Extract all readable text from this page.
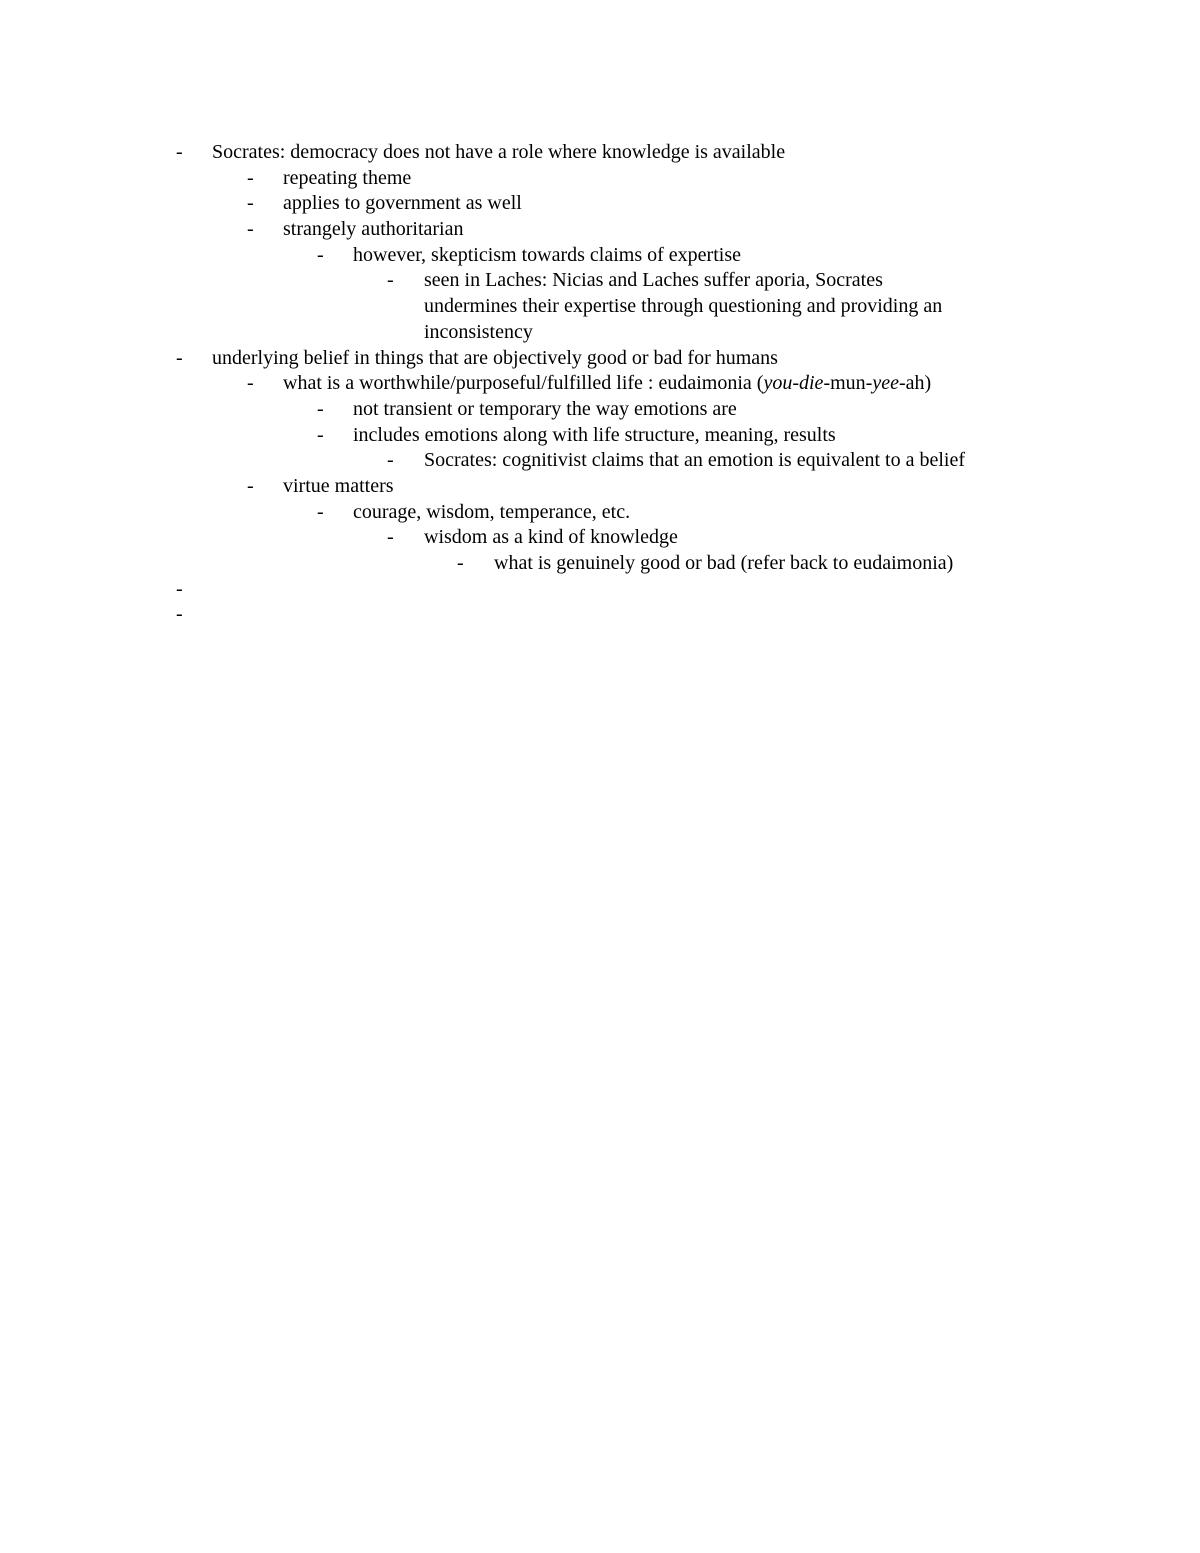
- Socrates: democracy does not have a role where knowledge is available
- repeating theme
- applies to government as well
- strangely authoritarian
- however, skepticism towards claims of expertise
- seen in Laches: Nicias and Laches suffer aporia, Socrates
undermines their expertise through questioning and providing an
inconsistency
- underlying belief in things that are objectively good or bad for humans
- what is a worthwhile/purposeful/fulfilled life : eudaimonia (you-die-mun-yee-ah)
- not transient or temporary the way emotions are
- includes emotions along with life structure, meaning, results
- Socrates: cognitivist claims that an emotion is equivalent to a belief
- virtue matters
- courage, wisdom, temperance, etc.
- wisdom as a kind of knowledge
- what is genuinely good or bad (refer back to eudaimonia)
-
-
